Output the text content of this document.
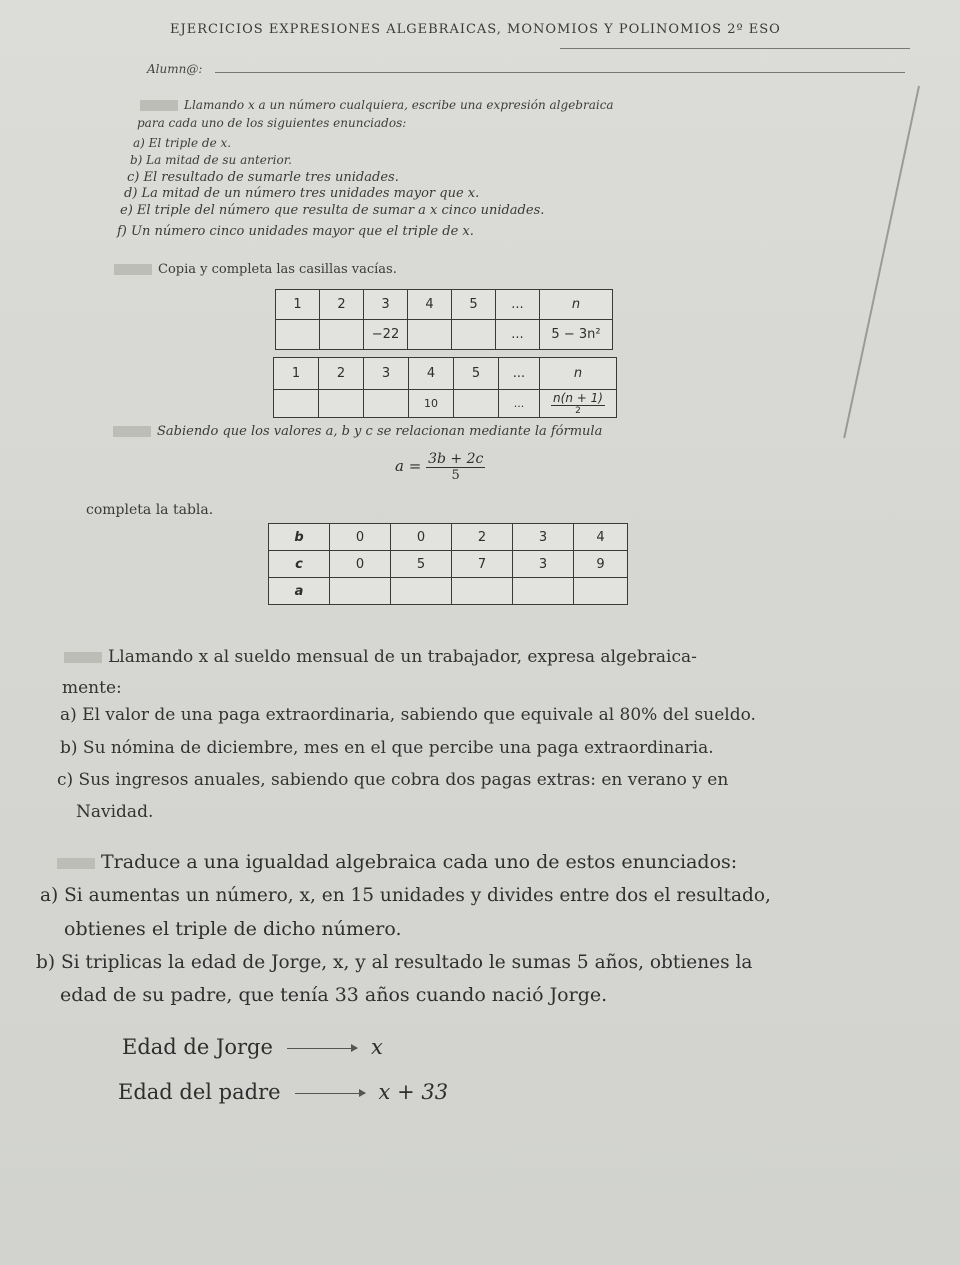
EJERCICIOS EXPRESIONES ALGEBRAICAS, MONOMIOS Y POLINOMIOS 2º ESO
Alumn@:
Llamando x a un número cualquiera, escribe una expresión algebraica
para cada uno de los siguientes enunciados:
a) El triple de x.
b) La mitad de su anterior.
c) El resultado de sumarle tres unidades.
d) La mitad de un número tres unidades mayor que x.
e) El triple del número que resulta de sumar a x cinco unidades.
f) Un número cinco unidades mayor que el triple de x.
Copia y completa las casillas vacías.
1	2	3	4	5	...	n
		−22			...	5 − 3n²
1	2	3	4	5	...	n
			10		...	$\frac{n(n + 1)}{2}$
Sabiendo que los valores a, b y c se relacionan mediante la fórmula
$a = \frac{3b + 2c}{5}$
completa la tabla.
b	0	0	2	3	4
c	0	5	7	3	9
a					
Llamando x al sueldo mensual de un trabajador, expresa algebraica-
mente:
a) El valor de una paga extraordinaria, sabiendo que equivale al 80% del sueldo.
b) Su nómina de diciembre, mes en el que percibe una paga extraordinaria.
c) Sus ingresos anuales, sabiendo que cobra dos pagas extras: en verano y en
Navidad.
Traduce a una igualdad algebraica cada uno de estos enunciados:
a) Si aumentas un número, x, en 15 unidades y divides entre dos el resultado,
obtienes el triple de dicho número.
b) Si triplicas la edad de Jorge, x, y al resultado le sumas 5 años, obtienes la
edad de su padre, que tenía 33 años cuando nació Jorge.
Edad de Jorge	x
Edad del padre	x + 33
